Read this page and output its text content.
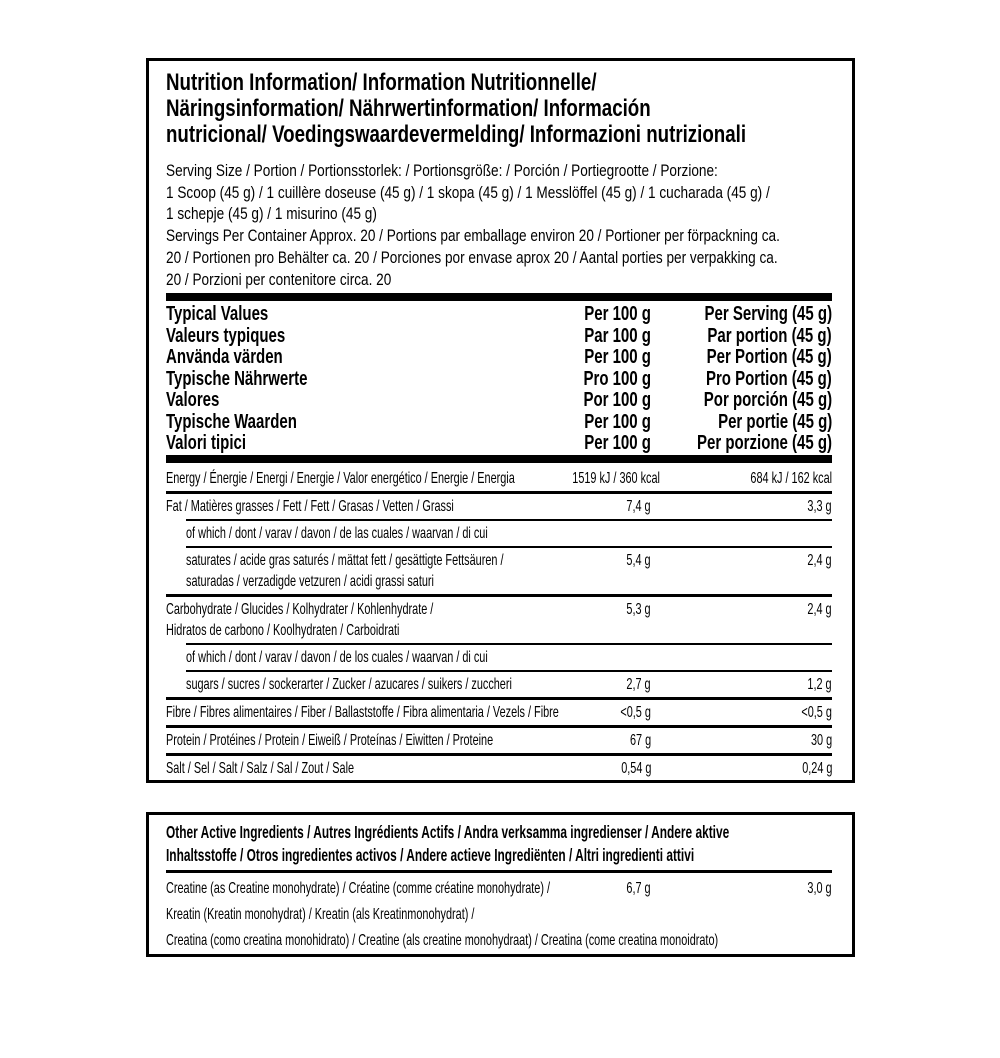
Nutrition Information/ Information Nutritionnelle/
Näringsinformation/ Nährwertinformation/ Información
nutricional/ Voedingswaardevermelding/ Informazioni nutrizionali
Serving Size / Portion / Portionsstorlek: / Portionsgröße: / Porción / Portiegrootte / Porzione:
1 Scoop (45 g) / 1 cuillère doseuse (45 g) / 1 skopa (45 g) / 1 Messlöffel (45 g) / 1 cucharada (45 g) /
1 schepje (45 g) / 1 misurino (45 g)
Servings Per Container Approx. 20 / Portions par emballage environ 20 / Portioner per förpackning ca.
20 / Portionen pro Behälter ca. 20 / Porciones por envase aprox 20 / Aantal porties per verpakking ca.
20 / Porzioni per contenitore circa. 20
Typical Values	Per 100 g	Per Serving (45 g)
Valeurs typiques	Par 100 g	Par portion (45 g)
Använda värden	Per 100 g	Per Portion (45 g)
Typische Nährwerte	Pro 100 g	Pro Portion (45 g)
Valores	Por 100 g	Por porción (45 g)
Typische Waarden	Per 100 g	Per portie (45 g)
Valori tipici	Per 100 g	Per porzione (45 g)
Energy / Énergie / Energi / Energie / Valor energético / Energie / Energia	1519 kJ / 360 kcal	684 kJ / 162 kcal
Fat / Matières grasses / Fett / Fett / Grasas / Vetten / Grassi	7,4 g	3,3 g
of which / dont / varav / davon / de las cuales / waarvan / di cui
saturates / acide gras saturés / mättat fett / gesättigte Fettsäuren /
saturadas / verzadigde vetzuren / acidi grassi saturi
5,4 g	2,4 g
Carbohydrate / Glucides / Kolhydrater / Kohlenhydrate /
Hidratos de carbono / Koolhydraten / Carboidrati
5,3 g	2,4 g
of which / dont / varav / davon / de los cuales / waarvan / di cui
sugars / sucres / sockerarter / Zucker / azucares / suikers / zuccheri	2,7 g	1,2 g
Fibre / Fibres alimentaires / Fiber / Ballaststoffe / Fibra alimentaria / Vezels / Fibre	<0,5 g	<0,5 g
Protein / Protéines / Protein / Eiweiß / Proteínas / Eiwitten / Proteine	67 g	30 g
Salt / Sel / Salt / Salz / Sal / Zout / Sale	0,54 g	0,24 g
Other Active Ingredients / Autres Ingrédients Actifs / Andra verksamma ingredienser / Andere aktive
Inhaltsstoffe / Otros ingredientes activos / Andere actieve Ingrediënten / Altri ingredienti attivi
Creatine (as Creatine monohydrate) / Créatine (comme créatine monohydrate) /	6,7 g	3,0 g
Kreatin (Kreatin monohydrat) / Kreatin (als Kreatinmonohydrat) /
Creatina (como creatina monohidrato) / Creatine (als creatine monohydraat) / Creatina (come creatina monoidrato)
